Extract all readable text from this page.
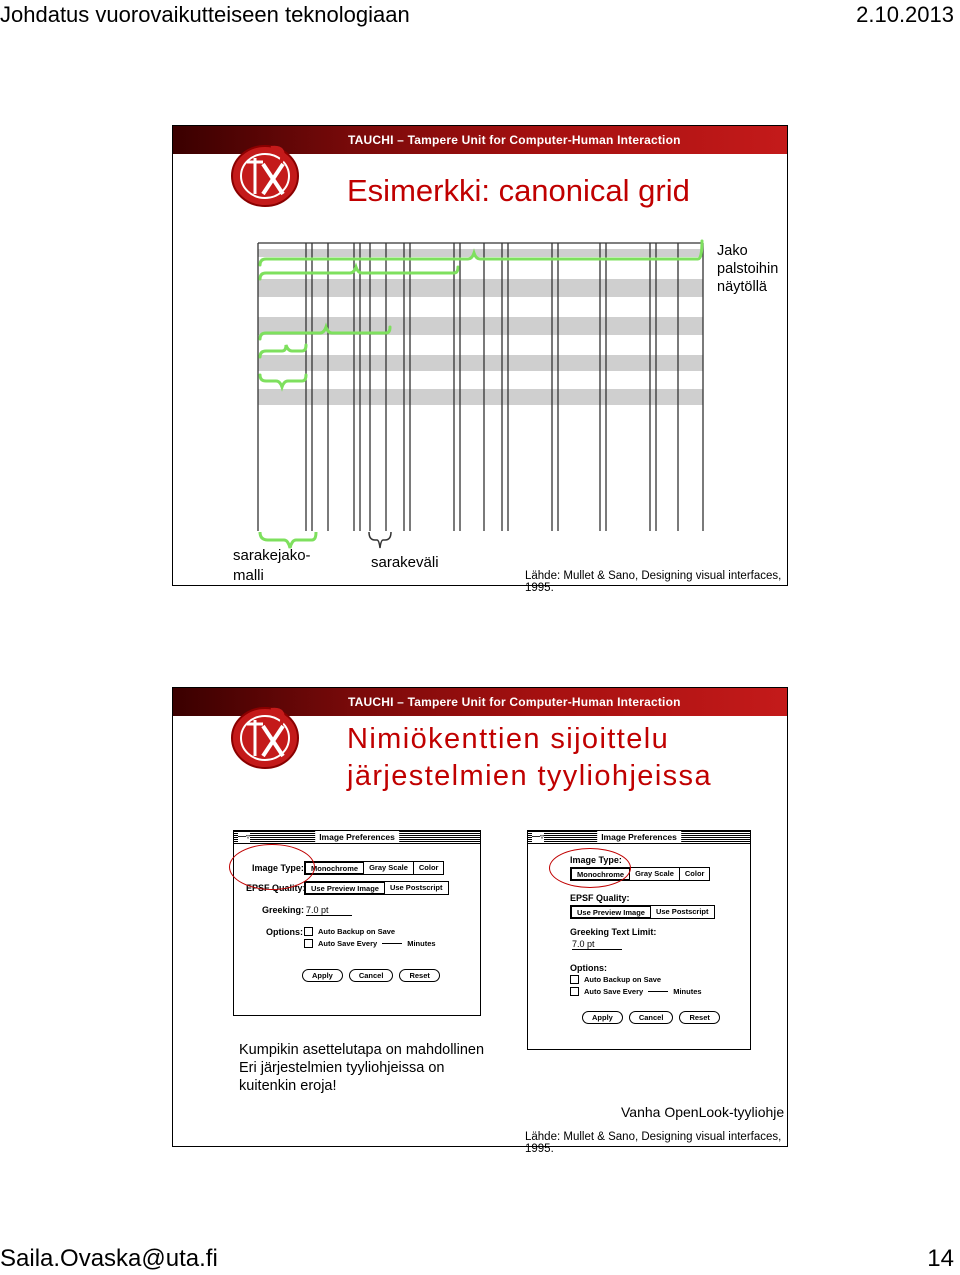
Johdatus vuorovaikutteiseen teknologiaan	2.10.2013
TAUCHI – Tampere Unit for Computer-Human Interaction
Esimerkki: canonical grid
Jako
palstoihin
näytöllä
sarakejako-
malli
sarakeväli
Lähde: Mullet & Sano, Designing visual interfaces, 1995.
TAUCHI – Tampere Unit for Computer-Human Interaction
Nimiökenttien sijoittelu
järjestelmien tyyliohjeissa
―▿	Image Preferences
Image Type: Monochrome	Gray Scale	Color
EPSF Quality: Use Preview Image	Use Postscript
Greeking: 7.0 pt
Options: Auto Backup on Save
Auto Save Every	Minutes
Apply	Cancel	Reset
―▿	Image Preferences
Image Type:
Monochrome	Gray Scale	Color
EPSF Quality:
Use Preview Image	Use Postscript
Greeking Text Limit:
7.0 pt
Options:
Auto Backup on Save
Auto Save Every	Minutes
Apply	Cancel	Reset
Kumpikin asettelutapa on mahdollinen
Eri järjestelmien tyyliohjeissa on
kuitenkin eroja!
Vanha OpenLook-tyyliohje
Lähde: Mullet & Sano, Designing visual interfaces, 1995.
Saila.Ovaska@uta.fi	14
